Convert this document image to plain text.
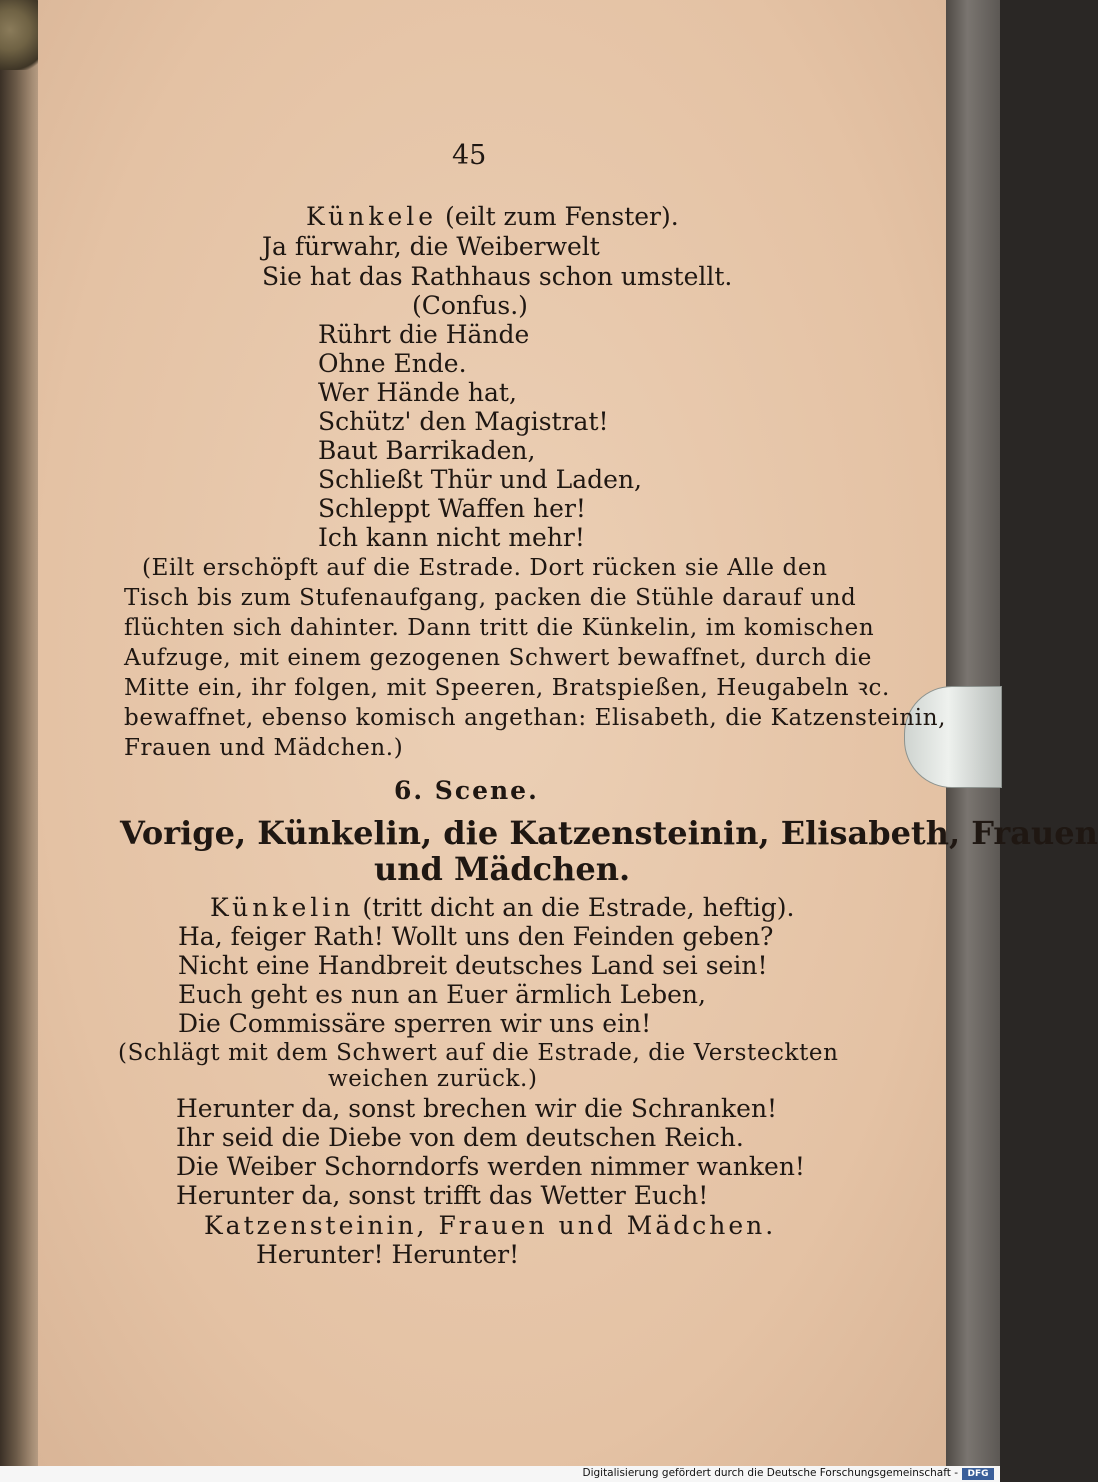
45
Künkele (eilt zum Fenster).
Ja fürwahr, die Weiberwelt
Sie hat das Rathhaus schon umstellt.
(Confus.)
Rührt die Hände
Ohne Ende.
Wer Hände hat,
Schütz' den Magistrat!
Baut Barrikaden,
Schließt Thür und Laden,
Schleppt Waffen her!
Ich kann nicht mehr!
(Eilt erschöpft auf die Estrade. Dort rücken sie Alle den
Tisch bis zum Stufenaufgang, packen die Stühle darauf und
flüchten sich dahinter. Dann tritt die Künkelin, im komischen
Aufzuge, mit einem gezogenen Schwert bewaffnet, durch die
Mitte ein, ihr folgen, mit Speeren, Bratspießen, Heugabeln ꝛc.
bewaffnet, ebenso komisch angethan: Elisabeth, die Katzensteinin,
Frauen und Mädchen.)
6. Scene.
Vorige, Künkelin, die Katzensteinin, Elisabeth, Frauen
und Mädchen.
Künkelin (tritt dicht an die Estrade, heftig).
Ha, feiger Rath! Wollt uns den Feinden geben?
Nicht eine Handbreit deutsches Land sei sein!
Euch geht es nun an Euer ärmlich Leben,
Die Commissäre sperren wir uns ein!
(Schlägt mit dem Schwert auf die Estrade, die Versteckten
weichen zurück.)
Herunter da, sonst brechen wir die Schranken!
Ihr seid die Diebe von dem deutschen Reich.
Die Weiber Schorndorfs werden nimmer wanken!
Herunter da, sonst trifft das Wetter Euch!
Katzensteinin, Frauen und Mädchen.
Herunter! Herunter!
Digitalisierung gefördert durch die Deutsche Forschungsgemeinschaft -	DFG
